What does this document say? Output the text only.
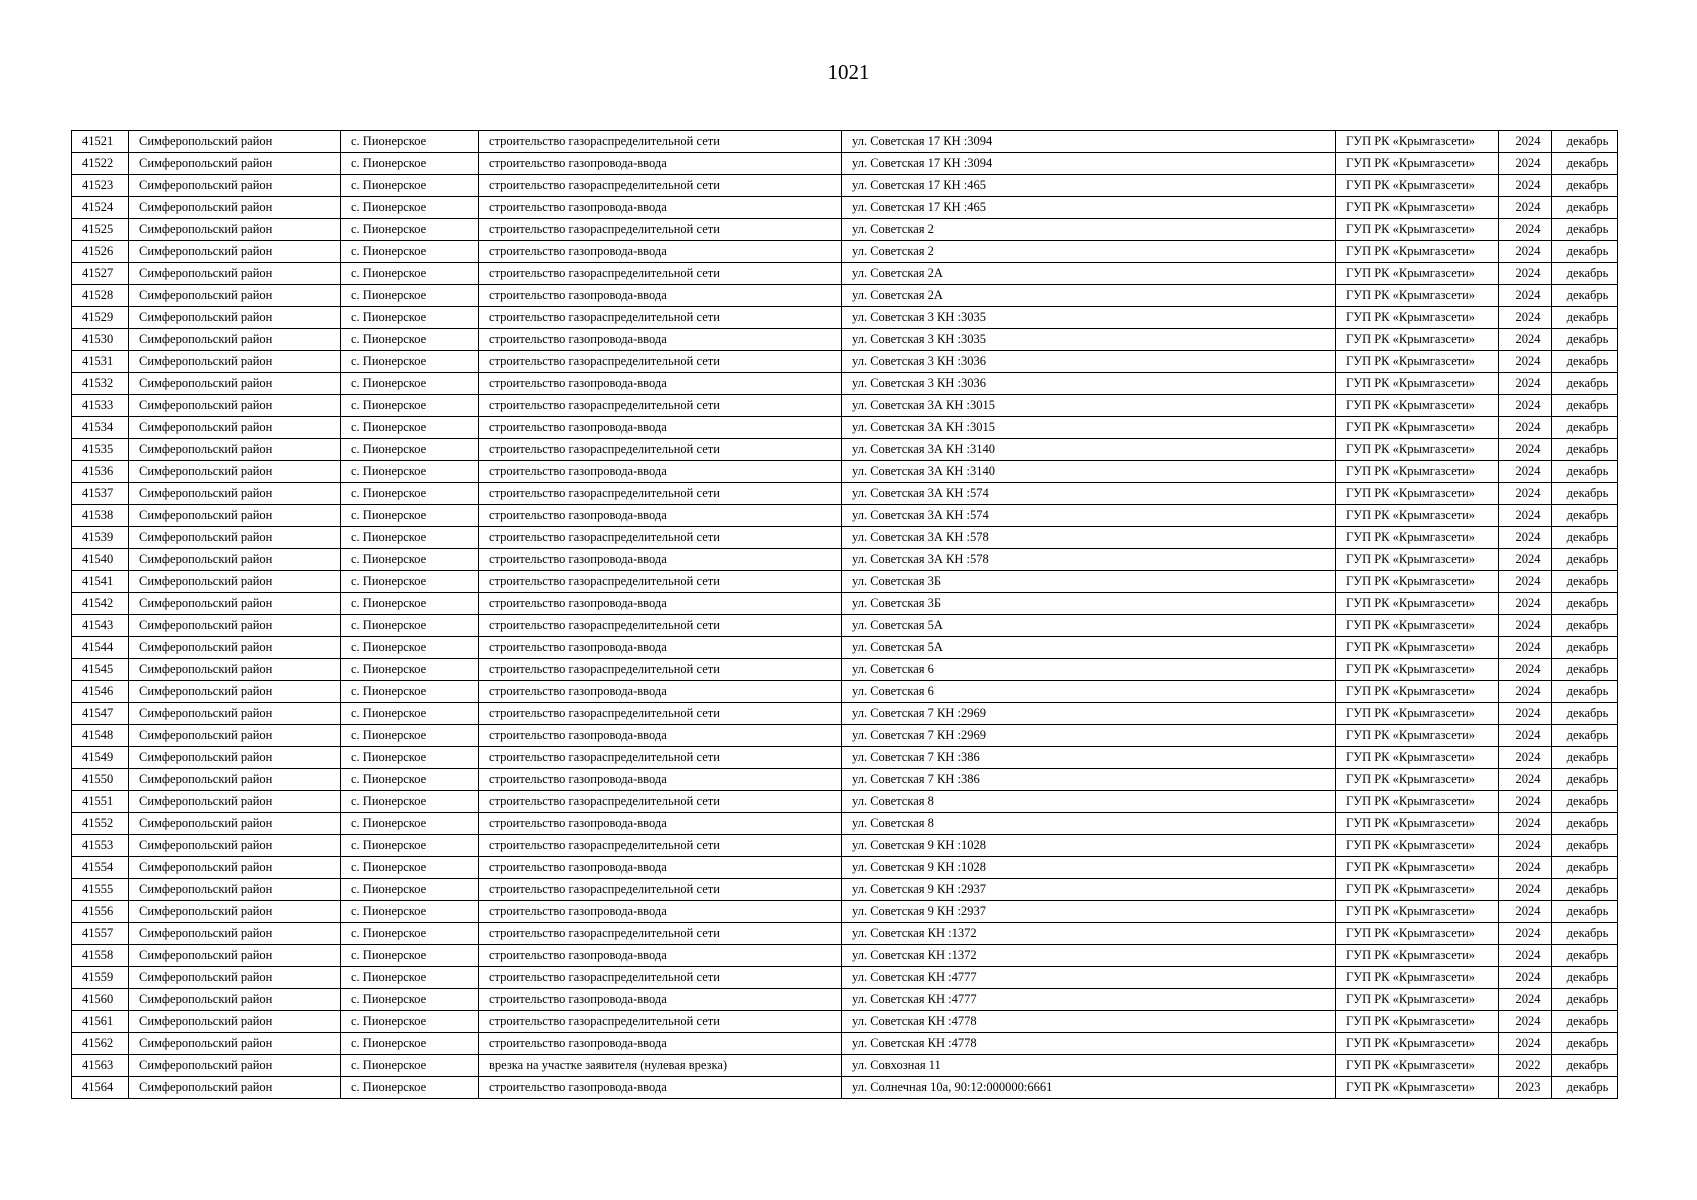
1021
41521	Симферопольский район	с. Пионерское	строительство газораспределительной сети	ул. Советская 17 КН :3094	ГУП РК «Крымгазсети»	2024	декабрь
41522	Симферопольский район	с. Пионерское	строительство газопровода-ввода	ул. Советская 17 КН :3094	ГУП РК «Крымгазсети»	2024	декабрь
41523	Симферопольский район	с. Пионерское	строительство газораспределительной сети	ул. Советская 17 КН :465	ГУП РК «Крымгазсети»	2024	декабрь
41524	Симферопольский район	с. Пионерское	строительство газопровода-ввода	ул. Советская 17 КН :465	ГУП РК «Крымгазсети»	2024	декабрь
41525	Симферопольский район	с. Пионерское	строительство газораспределительной сети	ул. Советская 2	ГУП РК «Крымгазсети»	2024	декабрь
41526	Симферопольский район	с. Пионерское	строительство газопровода-ввода	ул. Советская 2	ГУП РК «Крымгазсети»	2024	декабрь
41527	Симферопольский район	с. Пионерское	строительство газораспределительной сети	ул. Советская 2А	ГУП РК «Крымгазсети»	2024	декабрь
41528	Симферопольский район	с. Пионерское	строительство газопровода-ввода	ул. Советская 2А	ГУП РК «Крымгазсети»	2024	декабрь
41529	Симферопольский район	с. Пионерское	строительство газораспределительной сети	ул. Советская 3 КН :3035	ГУП РК «Крымгазсети»	2024	декабрь
41530	Симферопольский район	с. Пионерское	строительство газопровода-ввода	ул. Советская 3 КН :3035	ГУП РК «Крымгазсети»	2024	декабрь
41531	Симферопольский район	с. Пионерское	строительство газораспределительной сети	ул. Советская 3 КН :3036	ГУП РК «Крымгазсети»	2024	декабрь
41532	Симферопольский район	с. Пионерское	строительство газопровода-ввода	ул. Советская 3 КН :3036	ГУП РК «Крымгазсети»	2024	декабрь
41533	Симферопольский район	с. Пионерское	строительство газораспределительной сети	ул. Советская 3А КН :3015	ГУП РК «Крымгазсети»	2024	декабрь
41534	Симферопольский район	с. Пионерское	строительство газопровода-ввода	ул. Советская 3А КН :3015	ГУП РК «Крымгазсети»	2024	декабрь
41535	Симферопольский район	с. Пионерское	строительство газораспределительной сети	ул. Советская 3А КН :3140	ГУП РК «Крымгазсети»	2024	декабрь
41536	Симферопольский район	с. Пионерское	строительство газопровода-ввода	ул. Советская 3А КН :3140	ГУП РК «Крымгазсети»	2024	декабрь
41537	Симферопольский район	с. Пионерское	строительство газораспределительной сети	ул. Советская 3А КН :574	ГУП РК «Крымгазсети»	2024	декабрь
41538	Симферопольский район	с. Пионерское	строительство газопровода-ввода	ул. Советская 3А КН :574	ГУП РК «Крымгазсети»	2024	декабрь
41539	Симферопольский район	с. Пионерское	строительство газораспределительной сети	ул. Советская 3А КН :578	ГУП РК «Крымгазсети»	2024	декабрь
41540	Симферопольский район	с. Пионерское	строительство газопровода-ввода	ул. Советская 3А КН :578	ГУП РК «Крымгазсети»	2024	декабрь
41541	Симферопольский район	с. Пионерское	строительство газораспределительной сети	ул. Советская 3Б	ГУП РК «Крымгазсети»	2024	декабрь
41542	Симферопольский район	с. Пионерское	строительство газопровода-ввода	ул. Советская 3Б	ГУП РК «Крымгазсети»	2024	декабрь
41543	Симферопольский район	с. Пионерское	строительство газораспределительной сети	ул. Советская 5А	ГУП РК «Крымгазсети»	2024	декабрь
41544	Симферопольский район	с. Пионерское	строительство газопровода-ввода	ул. Советская 5А	ГУП РК «Крымгазсети»	2024	декабрь
41545	Симферопольский район	с. Пионерское	строительство газораспределительной сети	ул. Советская 6	ГУП РК «Крымгазсети»	2024	декабрь
41546	Симферопольский район	с. Пионерское	строительство газопровода-ввода	ул. Советская 6	ГУП РК «Крымгазсети»	2024	декабрь
41547	Симферопольский район	с. Пионерское	строительство газораспределительной сети	ул. Советская 7 КН :2969	ГУП РК «Крымгазсети»	2024	декабрь
41548	Симферопольский район	с. Пионерское	строительство газопровода-ввода	ул. Советская 7 КН :2969	ГУП РК «Крымгазсети»	2024	декабрь
41549	Симферопольский район	с. Пионерское	строительство газораспределительной сети	ул. Советская 7 КН :386	ГУП РК «Крымгазсети»	2024	декабрь
41550	Симферопольский район	с. Пионерское	строительство газопровода-ввода	ул. Советская 7 КН :386	ГУП РК «Крымгазсети»	2024	декабрь
41551	Симферопольский район	с. Пионерское	строительство газораспределительной сети	ул. Советская 8	ГУП РК «Крымгазсети»	2024	декабрь
41552	Симферопольский район	с. Пионерское	строительство газопровода-ввода	ул. Советская 8	ГУП РК «Крымгазсети»	2024	декабрь
41553	Симферопольский район	с. Пионерское	строительство газораспределительной сети	ул. Советская 9 КН :1028	ГУП РК «Крымгазсети»	2024	декабрь
41554	Симферопольский район	с. Пионерское	строительство газопровода-ввода	ул. Советская 9 КН :1028	ГУП РК «Крымгазсети»	2024	декабрь
41555	Симферопольский район	с. Пионерское	строительство газораспределительной сети	ул. Советская 9 КН :2937	ГУП РК «Крымгазсети»	2024	декабрь
41556	Симферопольский район	с. Пионерское	строительство газопровода-ввода	ул. Советская 9 КН :2937	ГУП РК «Крымгазсети»	2024	декабрь
41557	Симферопольский район	с. Пионерское	строительство газораспределительной сети	ул. Советская КН :1372	ГУП РК «Крымгазсети»	2024	декабрь
41558	Симферопольский район	с. Пионерское	строительство газопровода-ввода	ул. Советская КН :1372	ГУП РК «Крымгазсети»	2024	декабрь
41559	Симферопольский район	с. Пионерское	строительство газораспределительной сети	ул. Советская КН :4777	ГУП РК «Крымгазсети»	2024	декабрь
41560	Симферопольский район	с. Пионерское	строительство газопровода-ввода	ул. Советская КН :4777	ГУП РК «Крымгазсети»	2024	декабрь
41561	Симферопольский район	с. Пионерское	строительство газораспределительной сети	ул. Советская КН :4778	ГУП РК «Крымгазсети»	2024	декабрь
41562	Симферопольский район	с. Пионерское	строительство газопровода-ввода	ул. Советская КН :4778	ГУП РК «Крымгазсети»	2024	декабрь
41563	Симферопольский район	с. Пионерское	врезка на участке заявителя (нулевая врезка)	ул. Совхозная 11	ГУП РК «Крымгазсети»	2022	декабрь
41564	Симферопольский район	с. Пионерское	строительство газопровода-ввода	ул. Солнечная 10а, 90:12:000000:6661	ГУП РК «Крымгазсети»	2023	декабрь
